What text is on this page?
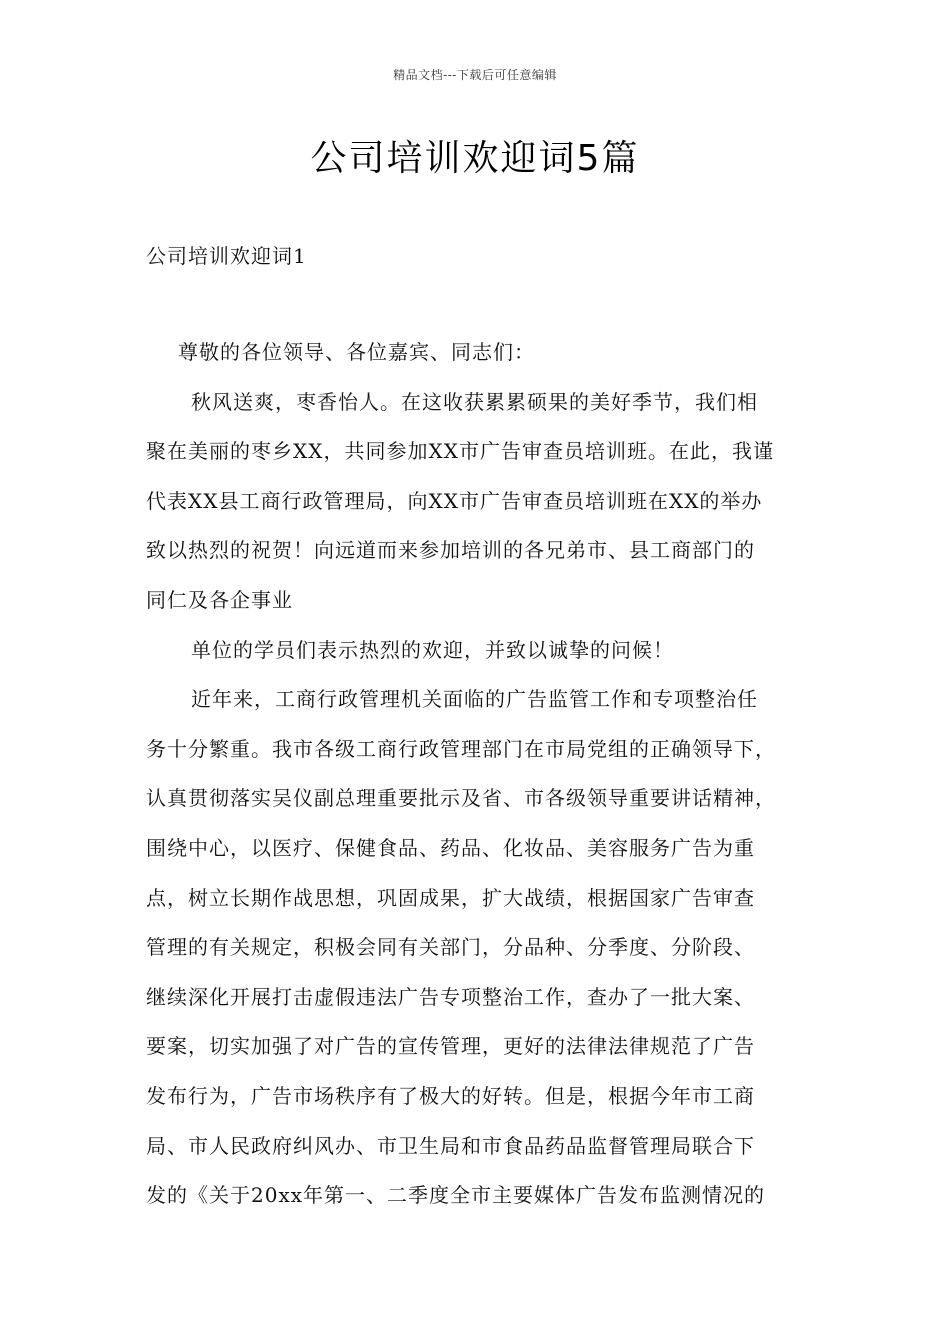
精品文档---下载后可任意编辑
公司培训欢迎词5篇
公司培训欢迎词1
尊敬的各位领导、各位嘉宾、同志们：
秋风送爽，枣香怡人。在这收获累累硕果的美好季节，我们相
聚在美丽的枣乡XX，共同参加XX市广告审查员培训班。在此，我谨
代表XX县工商行政管理局，向XX市广告审查员培训班在XX的举办
致以热烈的祝贺！向远道而来参加培训的各兄弟市、县工商部门的
同仁及各企事业
单位的学员们表示热烈的欢迎，并致以诚挚的问候！
近年来，工商行政管理机关面临的广告监管工作和专项整治任
务十分繁重。我市各级工商行政管理部门在市局党组的正确领导下，
认真贯彻落实吴仪副总理重要批示及省、市各级领导重要讲话精神，
围绕中心，以医疗、保健食品、药品、化妆品、美容服务广告为重
点，树立长期作战思想，巩固成果，扩大战绩，根据国家广告审查
管理的有关规定，积极会同有关部门，分品种、分季度、分阶段、
继续深化开展打击虚假违法广告专项整治工作，查办了一批大案、
要案，切实加强了对广告的宣传管理，更好的法律法律规范了广告
发布行为，广告市场秩序有了极大的好转。但是，根据今年市工商
局、市人民政府纠风办、市卫生局和市食品药品监督管理局联合下
发的《关于20xx年第一、二季度全市主要媒体广告发布监测情况的
